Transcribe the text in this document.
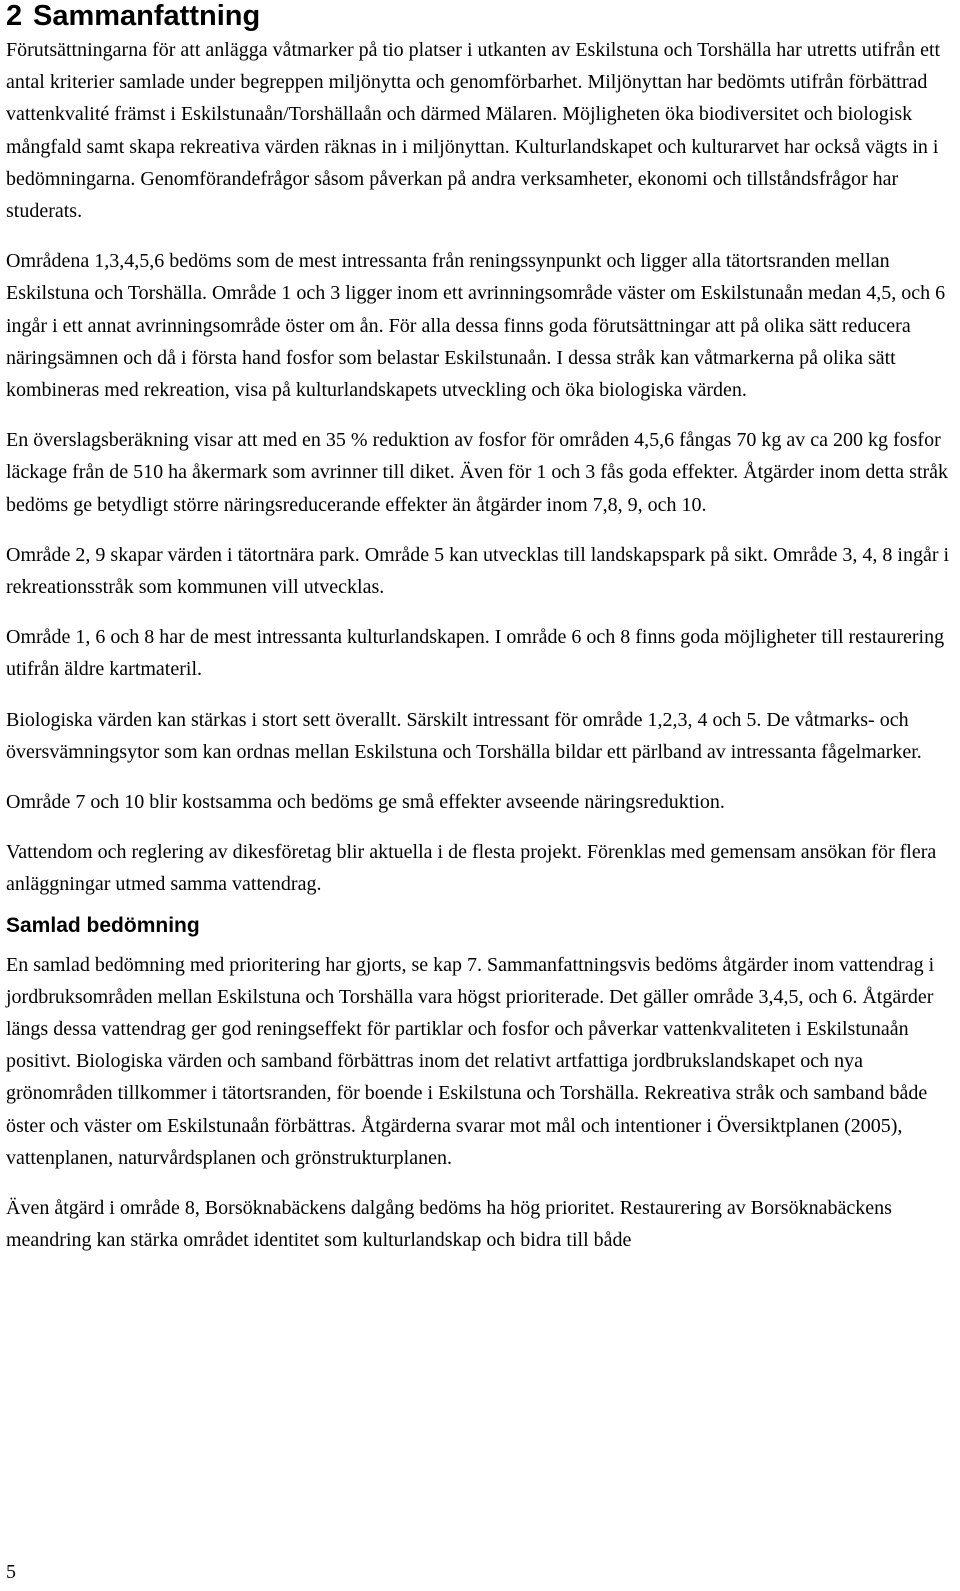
2 Sammanfattning

Förutsättningarna för att anlägga våtmarker på tio platser i utkanten av Eskilstuna och Torshälla har utretts utifrån ett antal kriterier samlade under begreppen miljönytta och genomförbarhet. Miljönyttan har bedömts utifrån förbättrad vattenkvalité främst i Eskilstunaån/Torshällaån och därmed Mälaren. Möjligheten öka biodiversitet och biologisk mångfald samt skapa rekreativa värden räknas in i miljönyttan. Kulturlandskapet och kulturarvet har också vägts in i bedömningarna. Genomförandefrågor såsom påverkan på andra verksamheter, ekonomi och tillståndsfrågor har studerats.

Områdena 1,3,4,5,6 bedöms som de mest intressanta från reningssynpunkt och ligger alla tätortsranden mellan Eskilstuna och Torshälla. Område 1 och 3 ligger inom ett avrinningsområde väster om Eskilstunaån medan 4,5, och 6 ingår i ett annat avrinningsområde öster om ån. För alla dessa finns goda förutsättningar att på olika sätt reducera näringsämnen och då i första hand fosfor som belastar Eskilstunaån. I dessa stråk kan våtmarkerna på olika sätt kombineras med rekreation, visa på kulturlandskapets utveckling och öka biologiska värden.

En överslagsberäkning visar att med en 35 % reduktion av fosfor för områden 4,5,6 fångas 70 kg av ca 200 kg fosfor läckage från de 510 ha åkermark som avrinner till diket. Även för 1 och 3 fås goda effekter. Åtgärder inom detta stråk bedöms ge betydligt större näringsreducerande effekter än åtgärder inom 7,8, 9, och 10.

Område 2, 9 skapar värden i tätortnära park. Område 5 kan utvecklas till landskapspark på sikt. Område 3, 4, 8 ingår i rekreationsstråk som kommunen vill utvecklas.

Område 1, 6 och 8 har de mest intressanta kulturlandskapen. I område 6 och 8 finns goda möjligheter till restaurering utifrån äldre kartmateril.

Biologiska värden kan stärkas i stort sett överallt. Särskilt intressant för område 1,2,3, 4 och 5. De våtmarks- och översvämningsytor som kan ordnas mellan Eskilstuna och Torshälla bildar ett pärlband av intressanta fågelmarker.

Område 7 och 10 blir kostsamma och bedöms ge små effekter avseende näringsreduktion.

Vattendom och reglering av dikesföretag blir aktuella i de flesta projekt. Förenklas med gemensam ansökan för flera anläggningar utmed samma vattendrag.

Samlad bedömning

En samlad bedömning med prioritering har gjorts, se kap 7. Sammanfattningsvis bedöms åtgärder inom vattendrag i jordbruksområden mellan Eskilstuna och Torshälla vara högst prioriterade. Det gäller område 3,4,5, och 6. Åtgärder längs dessa vattendrag ger god reningseffekt för partiklar och fosfor och påverkar vattenkvaliteten i Eskilstunaån positivt. Biologiska värden och samband förbättras inom det relativt artfattiga jordbrukslandskapet och nya grönområden tillkommer i tätortsranden, för boende i Eskilstuna och Torshälla. Rekreativa stråk och samband både öster och väster om Eskilstunaån förbättras. Åtgärderna svarar mot mål och intentioner i Översiktplanen (2005), vattenplanen, naturvårdsplanen och grönstrukturplanen.

Även åtgärd i område 8, Borsöknabäckens dalgång bedöms ha hög prioritet. Restaurering av Borsöknabäckens meandring kan stärka området identitet som kulturlandskap och bidra till både

5
